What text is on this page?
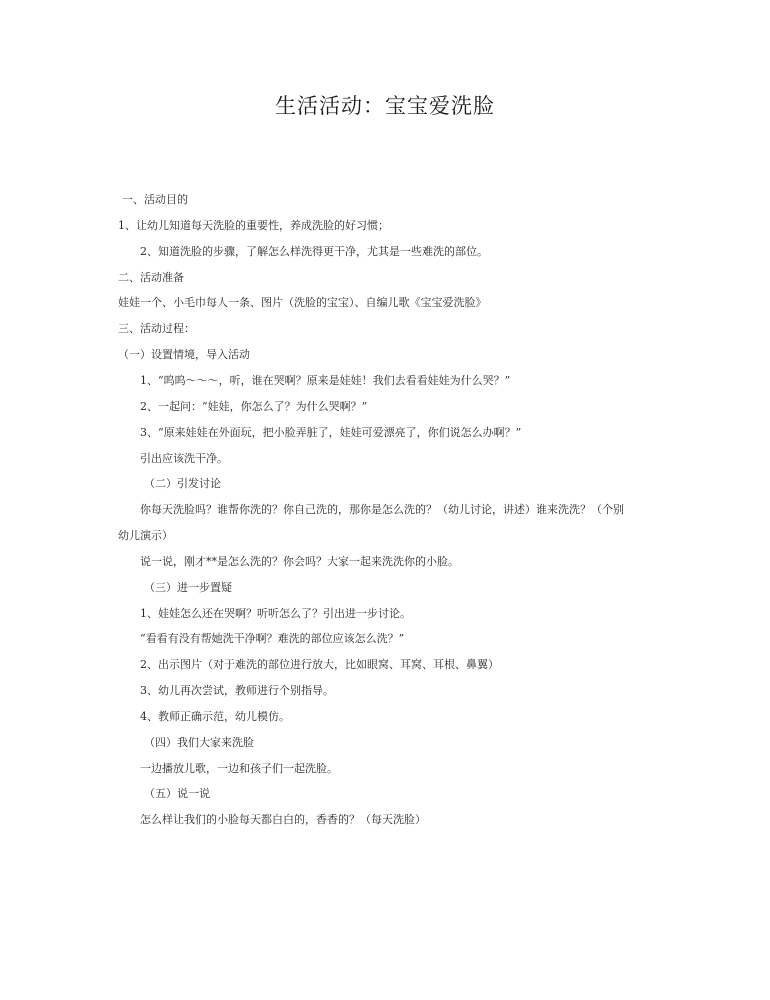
生活活动：宝宝爱洗脸
一、活动目的
1、让幼儿知道每天洗脸的重要性，养成洗脸的好习惯；
2、知道洗脸的步骤，了解怎么样洗得更干净，尤其是一些难洗的部位。
二、活动准备
娃娃一个、小毛巾每人一条、图片（洗脸的宝宝）、自编儿歌《宝宝爱洗脸》
三、活动过程：
（一）设置情境，导入活动
1、“呜呜～～～，听，谁在哭啊？原来是娃娃！我们去看看娃娃为什么哭？”
2、一起问：“娃娃，你怎么了？为什么哭啊？”
3、“原来娃娃在外面玩，把小脸弄脏了，娃娃可爱漂亮了，你们说怎么办啊？”
引出应该洗干净。
（二）引发讨论
你每天洗脸吗？谁帮你洗的？你自己洗的，那你是怎么洗的？（幼儿讨论，讲述）谁来洗洗？（个别
幼儿演示）
说一说，刚才**是怎么洗的？你会吗？大家一起来洗洗你的小脸。
（三）进一步置疑
1、娃娃怎么还在哭啊？听听怎么了？引出进一步讨论。
“看看有没有帮她洗干净啊？难洗的部位应该怎么洗？”
2、出示图片（对于难洗的部位进行放大，比如眼窝、耳窝、耳根、鼻翼）
3、幼儿再次尝试，教师进行个别指导。
4、教师正确示范，幼儿模仿。
（四）我们大家来洗脸
一边播放儿歌，一边和孩子们一起洗脸。
（五）说一说
怎么样让我们的小脸每天都白白的，香香的？（每天洗脸）
